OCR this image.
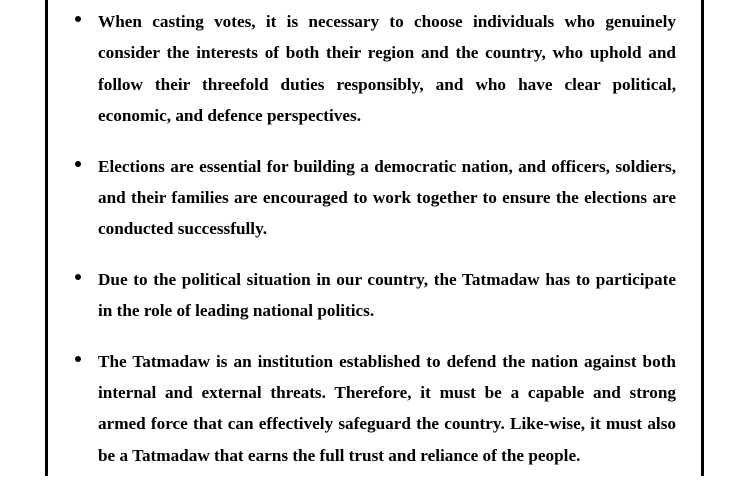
When casting votes, it is necessary to choose individuals who genuinely consider the interests of both their region and the country, who uphold and follow their threefold duties responsibly, and who have clear political, economic, and defence perspectives.
Elections are essential for building a democratic nation, and officers, soldiers, and their families are encouraged to work together to ensure the elections are conducted successfully.
Due to the political situation in our country, the Tatmadaw has to participate in the role of leading national politics.
The Tatmadaw is an institution established to defend the nation against both internal and external threats. Therefore, it must be a capable and strong armed force that can effectively safeguard the country. Like-wise, it must also be a Tatmadaw that earns the full trust and reliance of the people.
